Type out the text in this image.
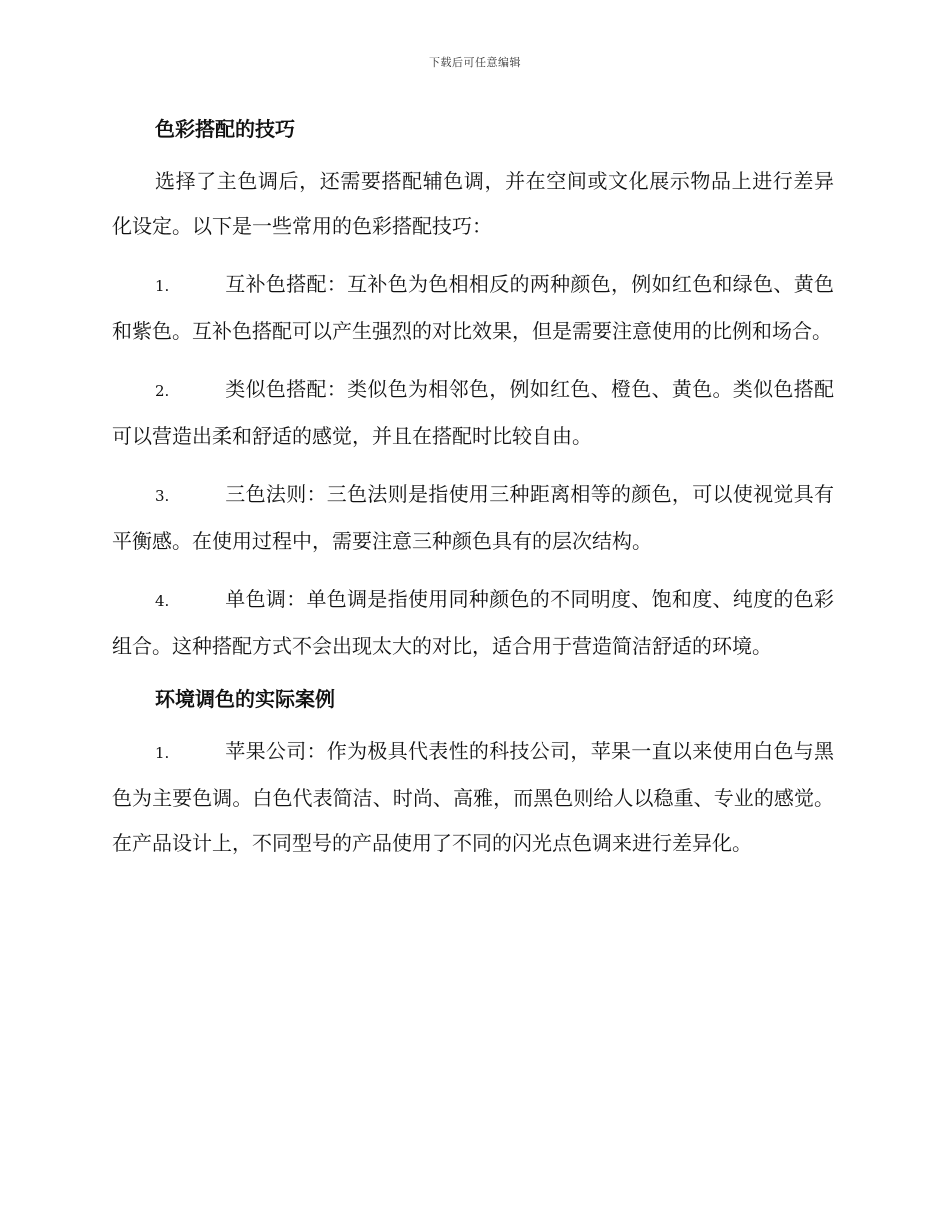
下载后可任意编辑
色彩搭配的技巧

选择了主色调后，还需要搭配辅色调，并在空间或文化展示物品上进行差异化设定。以下是一些常用的色彩搭配技巧：

1.	互补色搭配：互补色为色相相反的两种颜色，例如红色和绿色、黄色和紫色。互补色搭配可以产生强烈的对比效果，但是需要注意使用的比例和场合。

2.	类似色搭配：类似色为相邻色，例如红色、橙色、黄色。类似色搭配可以营造出柔和舒适的感觉，并且在搭配时比较自由。

3.	三色法则：三色法则是指使用三种距离相等的颜色，可以使视觉具有平衡感。在使用过程中，需要注意三种颜色具有的层次结构。

4.	单色调：单色调是指使用同种颜色的不同明度、饱和度、纯度的色彩组合。这种搭配方式不会出现太大的对比，适合用于营造简洁舒适的环境。

环境调色的实际案例

1.	苹果公司：作为极具代表性的科技公司，苹果一直以来使用白色与黑色为主要色调。白色代表简洁、时尚、高雅，而黑色则给人以稳重、专业的感觉。在产品设计上，不同型号的产品使用了不同的闪光点色调来进行差异化。
